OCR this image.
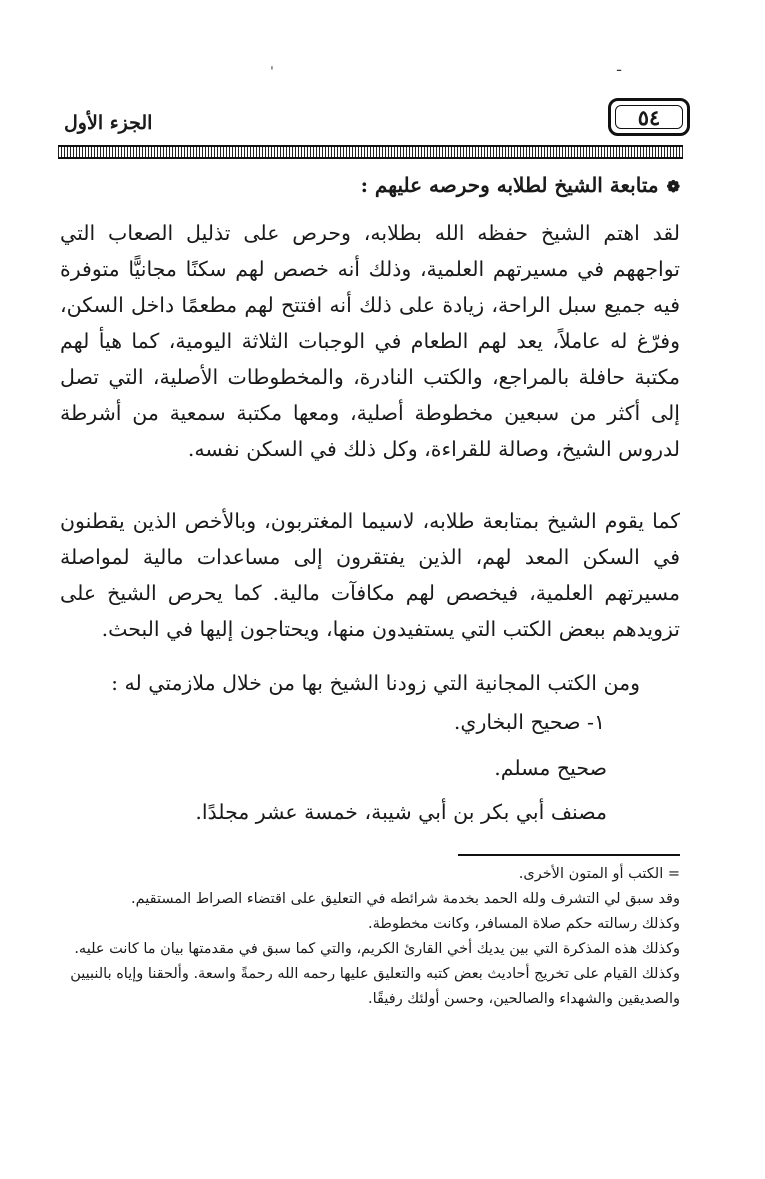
ˈ	ـ
الجزء الأول	٥٤
❁متابعة الشيخ لطلابه وحرصه عليهم :

لقد اهتم الشيخ حفظه الله بطلابه، وحرص على تذليل الصعاب التي تواجههم في مسيرتهم العلمية، وذلك أنه خصص لهم سكنًا مجانيًّا متوفرة فيه جميع سبل الراحة، زيادة على ذلك أنه افتتح لهم مطعمًا داخل السكن، وفرّغ له عاملاً، يعد لهم الطعام في الوجبات الثلاثة اليومية، كما هيأ لهم مكتبة حافلة بالمراجع، والكتب النادرة، والمخطوطات الأصلية، التي تصل إلى أكثر من سبعين مخطوطة أصلية، ومعها مكتبة سمعية من أشرطة لدروس الشيخ، وصالة للقراءة، وكل ذلك في السكن نفسه.

كما يقوم الشيخ بمتابعة طلابه، لاسيما المغتربون، وبالأخص الذين يقطنون في السكن المعد لهم، الذين يفتقرون إلى مساعدات مالية لمواصلة مسيرتهم العلمية، فيخصص لهم مكافآت مالية. كما يحرص الشيخ على تزويدهم ببعض الكتب التي يستفيدون منها، ويحتاجون إليها في البحث.

ومن الكتب المجانية التي زودنا الشيخ بها من خلال ملازمتي له :

١- صحيح البخاري.
صحيح مسلم.
مصنف أبي بكر بن أبي شيبة، خمسة عشر مجلدًا.

= الكتب أو المتون الأخرى.

وقد سبق لي التشرف ولله الحمد بخدمة شرائطه في التعليق على اقتضاء الصراط المستقيم.

وكذلك رسالته حكم صلاة المسافر، وكانت مخطوطة.

وكذلك هذه المذكرة التي بين يديك أخي القارئ الكريم، والتي كما سبق في مقدمتها بيان ما كانت عليه.

وكذلك القيام على تخريج أحاديث بعض كتبه والتعليق عليها رحمه الله رحمةً واسعة. وألحقنا وإياه بالنبيين والصديقين والشهداء والصالحين، وحسن أولئك رفيقًا.
